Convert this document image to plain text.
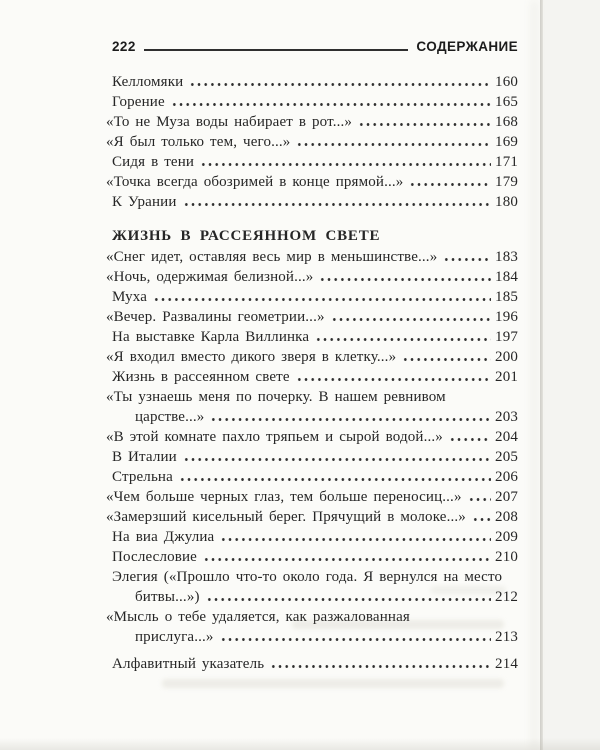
222	СОДЕРЖАНИЕ
Келломяки	160
Горение	165
«То не Муза воды набирает в рот...»	168
«Я был только тем, чего...»	169
Сидя в тени	171
«Точка всегда обозримей в конце прямой...»	179
К Урании	180
ЖИЗНЬ В РАССЕЯННОМ СВЕТЕ
«Снег идет, оставляя весь мир в меньшинстве...»	183
«Ночь, одержимая белизной...»	184
Муха	185
«Вечер. Развалины геометрии...»	196
На выставке Карла Виллинка	197
«Я входил вместо дикого зверя в клетку...»	200
Жизнь в рассеянном свете	201
«Ты узнаешь меня по почерку. В нашем ревнивом
царстве...»	203
«В этой комнате пахло тряпьем и сырой водой...»	204
В Италии	205
Стрельна	206
«Чем больше черных глаз, тем больше переносиц...» 207
«Замерзший кисельный берег. Прячущий в молоке...» 208
На виа Джулиа	209
Послесловие	210
Элегия («Прошло что-то около года. Я вернулся на место
битвы...»)	212
«Мысль о тебе удаляется, как разжалованная
прислуга...»	213
Алфавитный указатель	214
